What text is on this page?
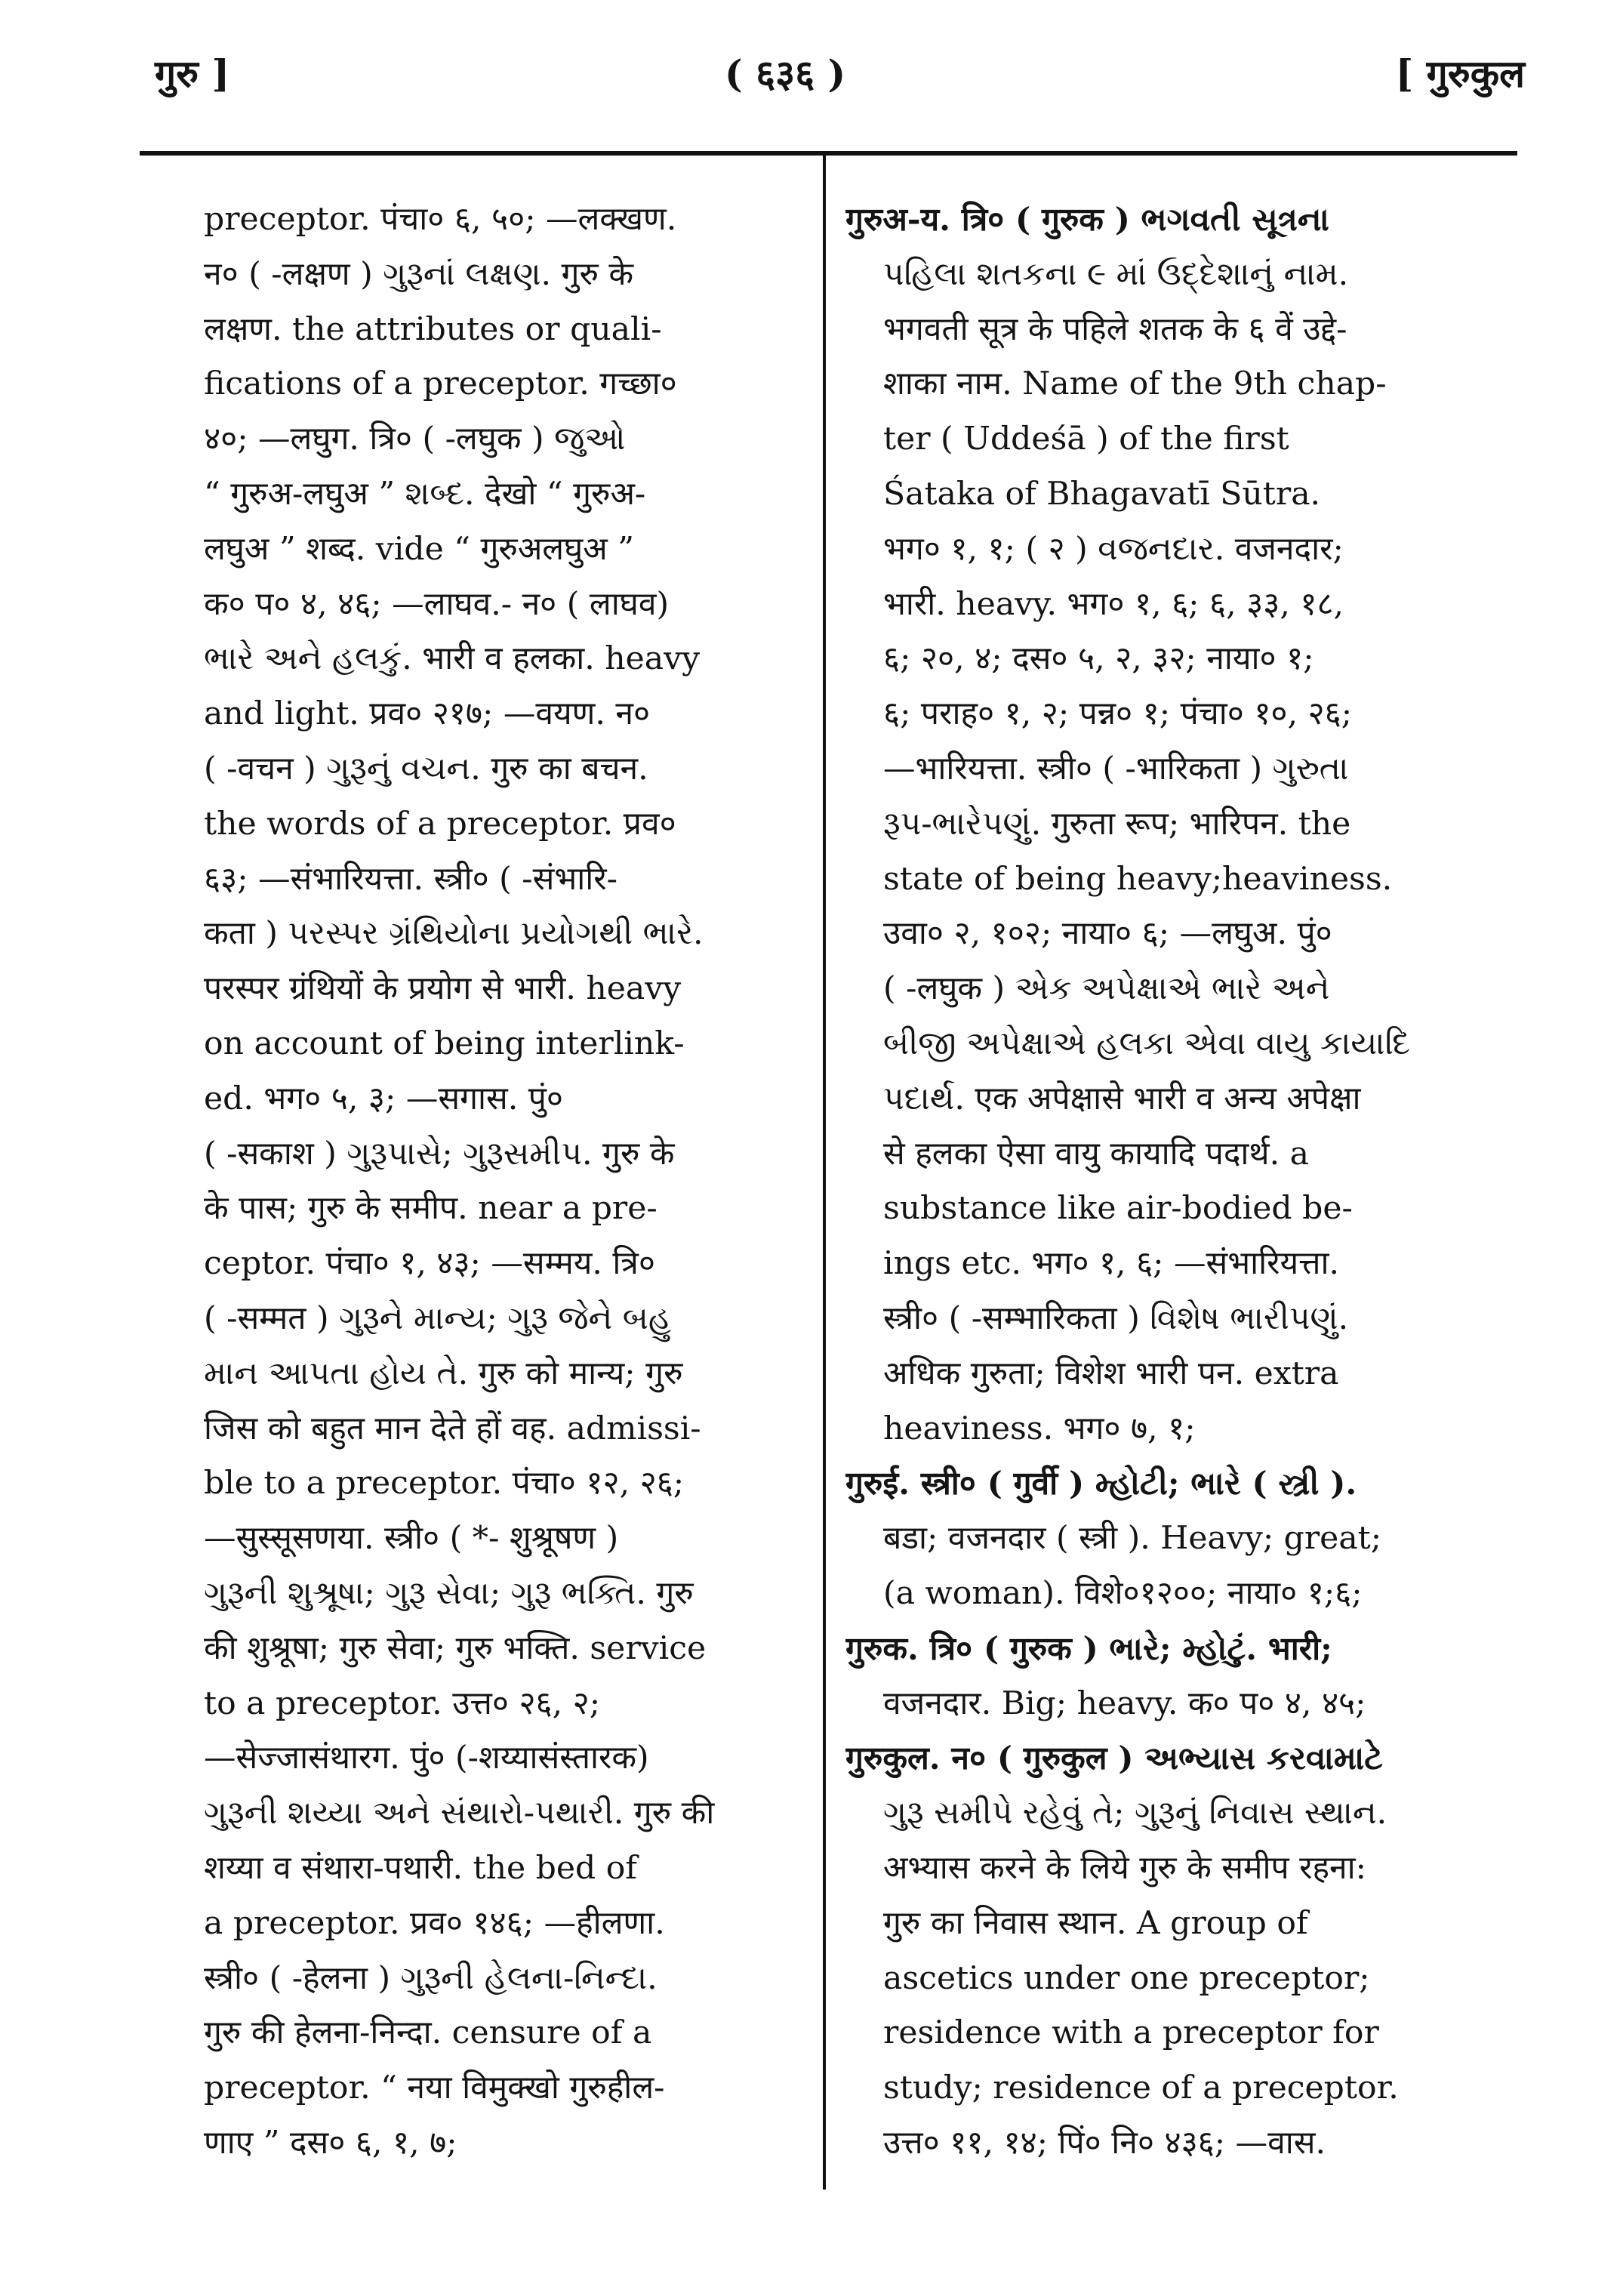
गुरु ]	( ६३६ )	[ गुरुकुल
preceptor. पंचा० ६, ५०; —लक्खण.
न० ( -लक्षण ) ગુરૂનાં લક્ષણ. गुरु के
लक्षण. the attributes or quali-
fications of a preceptor. गच्छा०
४०; —लघुग. त्रि० ( -लघुक ) જુઓ
“ गुरुअ-लघुअ ” શબ્દ. देखो “ गुरुअ-
लघुअ ” शब्द. vide “ गुरुअलघुअ ”
क० प० ४, ४६; —लाघव.- न० ( लाघव)
ભારે અને હલકું. भारी व हलका. heavy
and light. प्रव० २१७; —वयण. न०
( -वचन ) ગુરૂનું વચન. गुरु का बचन.
the words of a preceptor. प्रव०
६३; —संभारियत्ता. स्त्री० ( -संभारि-
कता ) પરસ્પર ગ્રંથિયોના પ્રયોગથી ભારે.
परस्पर ग्रंथियों के प्रयोग से भारी. heavy
on account of being interlink-
ed. भग० ५, ३; —सगास. पुं०
( -सकाश ) ગુરૂપાસે; ગુરૂસમીપ. गुरु के
के पास; गुरु के समीप. near a pre-
ceptor. पंचा० १, ४३; —सम्मय. त्रि०
( -सम्मत ) ગુરૂને માન્ય; ગુરૂ જેને બહુ
માન આપતા હોય તે. गुरु को मान्य; गुरु
जिस को बहुत मान देते हों वह. admissi-
ble to a preceptor. पंचा० १२, २६;
—सुस्सूसणया. स्त्री० ( *- शुश्रूषण )
ગુરૂની શુશ્રૂષા; ગુરૂ સેવા; ગુરૂ ભક્તિ. गुरु
की शुश्रूषा; गुरु सेवा; गुरु भक्ति. service
to a preceptor. उत्त० २६, २;
—सेज्जासंथारग. पुं० (-शय्यासंस्तारक)
ગુરૂની શય્યા અને સંથારો-પથારી. गुरु की
शय्या व संथारा-पथारी. the bed of
a preceptor. प्रव० १४६; —हीलणा.
स्त्री० ( -हेलना ) ગુરૂની હેલના-નિન્દા.
गुरु की हेलना-निन्दा. censure of a
preceptor. “ नया विमुक्खो गुरुहील-
णाए ” दस० ६, १, ७;
गुरुअ-य. त्रि० ( गुरुक ) ભગવતી સૂત્રના
પહિલા શતકના ૯ માં ઉદ્દેશાનું નામ.
भगवती सूत्र के पहिले शतक के ६ वें उद्दे-
शाका नाम. Name of the 9th chap-
ter ( Uddeśā ) of the first
Śataka of Bhagavatī Sūtra.
भग० १, १; ( २ ) વજનદાર. वजनदार;
भारी. heavy. भग० १, ६; ६, ३३, १८,
६; २०, ४; दस० ५, २, ३२; नाया० १;
६; पराह० १, २; पन्न० १; पंचा० १०, २६;
—भारियत्ता. स्त्री० ( -भारिकता ) ગુરુતા
રૂપ-ભારેપણું. गुरुता रूप; भारिपन. the
state of being heavy;heaviness.
उवा० २, १०२; नाया० ६; —लघुअ. पुं०
( -लघुक ) એક અપેક્ષાએ ભારે અને
બીજી અપેક્ષાએ હલકા એવા વાયુ કાયાદિ
પદાર્થ. एक अपेक्षासे भारी व अन्य अपेक्षा
से हलका ऐसा वायु कायादि पदार्थ. a
substance like air-bodied be-
ings etc. भग० १, ६; —संभारियत्ता.
स्त्री० ( -सम्भारिकता ) વિશેષ ભારીપણું.
अधिक गुरुता; विशेश भारी पन. extra
heaviness. भग० ७, १;
गुरुई. स्त्री० ( गुर्वी ) મ્હોટી; ભારે ( સ્ત્રી ).
बडा; वजनदार ( स्त्री ). Heavy; great;
(a woman). विशे०१२००; नाया० १;६;
गुरुक. त्रि० ( गुरुक ) ભારે; મ્હોટું. भारी;
वजनदार. Big; heavy. क० प० ४, ४५;
गुरुकुल. न० ( गुरुकुल ) અભ્યાસ કરવામાટે
ગુરૂ સમીપે રહેવું તે; ગુરૂનું નિવાસ સ્થાન.
अभ्यास करने के लिये गुरु के समीप रहना:
गुरु का निवास स्थान. A group of
ascetics under one preceptor;
residence with a preceptor for
study; residence of a preceptor.
उत्त० ११, १४; पिं० नि० ४३६; —वास.
